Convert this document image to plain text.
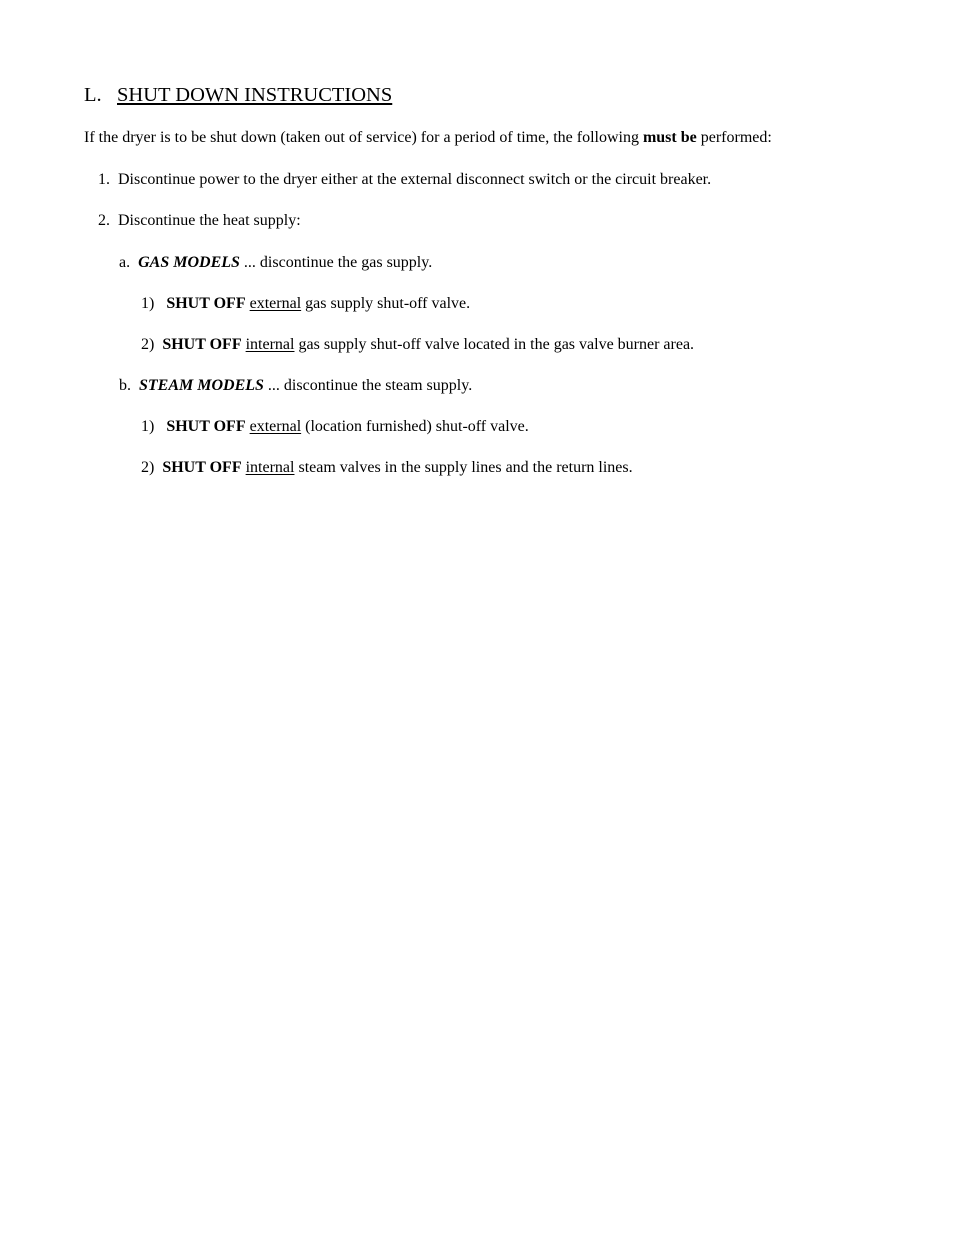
L. SHUT DOWN INSTRUCTIONS
If the dryer is to be shut down (taken out of service) for a period of time, the following must be performed:
1. Discontinue power to the dryer either at the external disconnect switch or the circuit breaker.
2. Discontinue the heat supply:
a. GAS MODELS ... discontinue the gas supply.
1) SHUT OFF external gas supply shut-off valve.
2) SHUT OFF internal gas supply shut-off valve located in the gas valve burner area.
b. STEAM MODELS ... discontinue the steam supply.
1) SHUT OFF external (location furnished) shut-off valve.
2) SHUT OFF internal steam valves in the supply lines and the return lines.
